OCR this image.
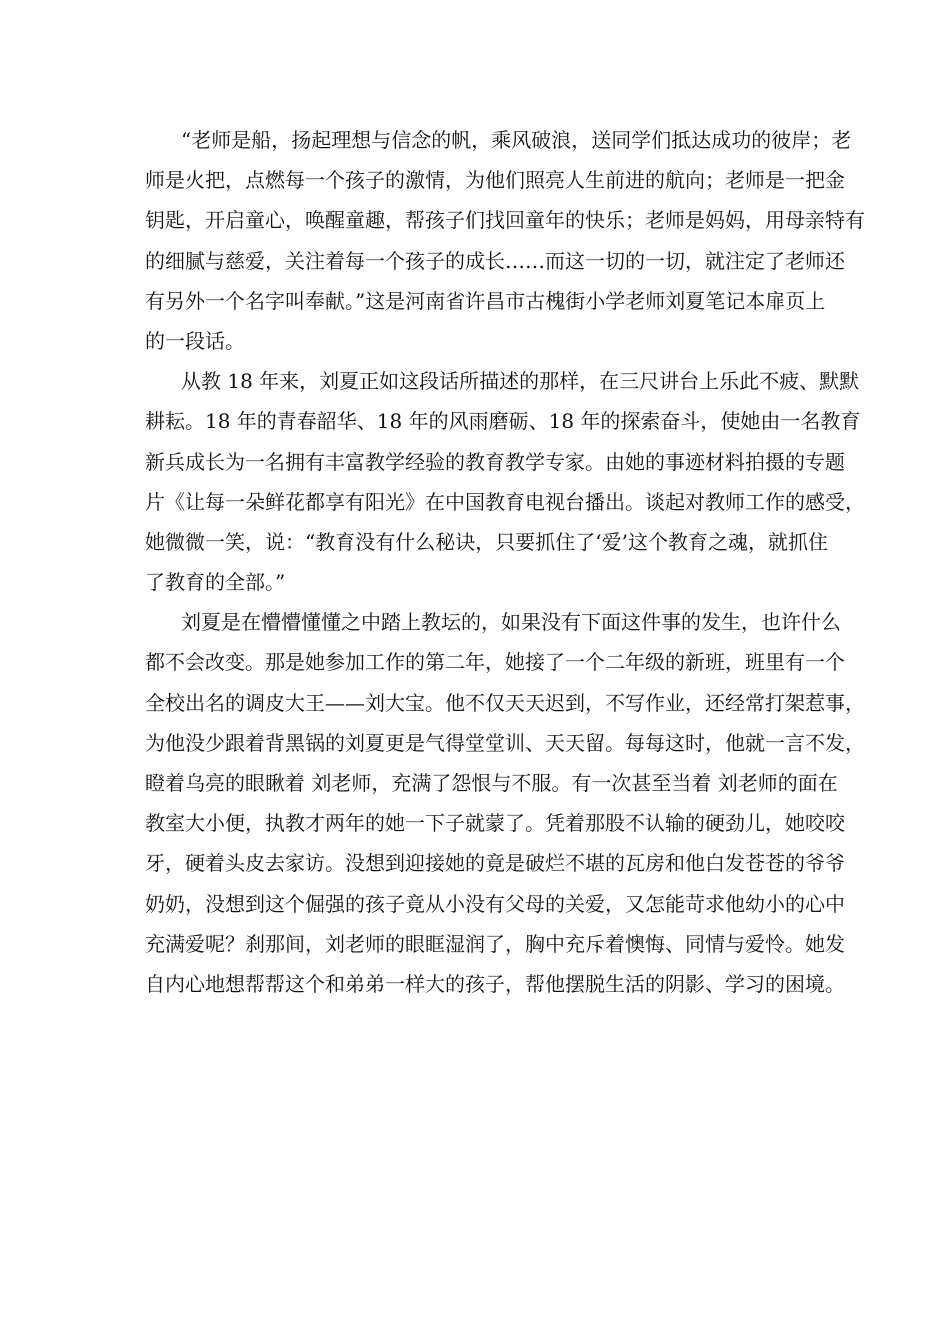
“老师是船，扬起理想与信念的帆，乘风破浪，送同学们抵达成功的彼岸；老
师是火把，点燃每一个孩子的激情，为他们照亮人生前进的航向；老师是一把金
钥匙，开启童心，唤醒童趣，帮孩子们找回童年的快乐；老师是妈妈，用母亲特有
的细腻与慈爱，关注着每一个孩子的成长……而这一切的一切，就注定了老师还
有另外一个名字叫奉献。”这是河南省许昌市古槐街小学老师刘夏笔记本扉页上
的一段话。
从教 18 年来，刘夏正如这段话所描述的那样，在三尺讲台上乐此不疲、默默
耕耘。18 年的青春韶华、18 年的风雨磨砺、18 年的探索奋斗，使她由一名教育
新兵成长为一名拥有丰富教学经验的教育教学专家。由她的事迹材料拍摄的专题
片《让每一朵鲜花都享有阳光》在中国教育电视台播出。谈起对教师工作的感受，
她微微一笑，说：“教育没有什么秘诀，只要抓住了‘爱’这个教育之魂，就抓住
了教育的全部。”
刘夏是在懵懵懂懂之中踏上教坛的，如果没有下面这件事的发生，也许什么
都不会改变。那是她参加工作的第二年，她接了一个二年级的新班，班里有一个
全校出名的调皮大王——刘大宝。他不仅天天迟到，不写作业，还经常打架惹事，
为他没少跟着背黑锅的刘夏更是气得堂堂训、天天留。每每这时，他就一言不发，
瞪着乌亮的眼瞅着 刘老师，充满了怨恨与不服。有一次甚至当着 刘老师的面在
教室大小便，执教才两年的她一下子就蒙了。凭着那股不认输的硬劲儿，她咬咬
牙，硬着头皮去家访。没想到迎接她的竟是破烂不堪的瓦房和他白发苍苍的爷爷
奶奶，没想到这个倔强的孩子竟从小没有父母的关爱，又怎能苛求他幼小的心中
充满爱呢？刹那间，刘老师的眼眶湿润了，胸中充斥着懊悔、同情与爱怜。她发
自内心地想帮帮这个和弟弟一样大的孩子，帮他摆脱生活的阴影、学习的困境。
